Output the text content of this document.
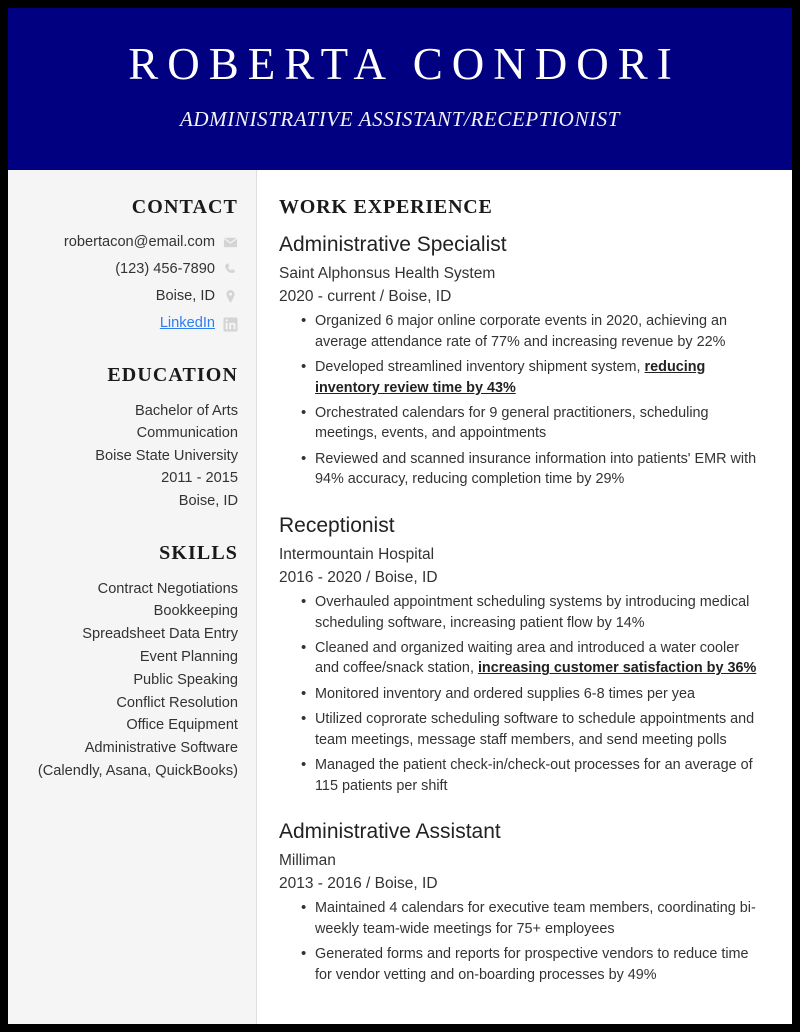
ROBERTA CONDORI
ADMINISTRATIVE ASSISTANT/RECEPTIONIST
CONTACT
robertacon@email.com
(123) 456-7890
Boise, ID
LinkedIn
EDUCATION
Bachelor of Arts
Communication
Boise State University
2011 - 2015
Boise, ID
SKILLS
Contract Negotiations
Bookkeeping
Spreadsheet Data Entry
Event Planning
Public Speaking
Conflict Resolution
Office Equipment
Administrative Software (Calendly, Asana, QuickBooks)
WORK EXPERIENCE
Administrative Specialist
Saint Alphonsus Health System
2020 - current / Boise, ID
• Organized 6 major online corporate events in 2020, achieving an average attendance rate of 77% and increasing revenue by 22%
• Developed streamlined inventory shipment system, reducing inventory review time by 43%
• Orchestrated calendars for 9 general practitioners, scheduling meetings, events, and appointments
• Reviewed and scanned insurance information into patients' EMR with 94% accuracy, reducing completion time by 29%
Receptionist
Intermountain Hospital
2016 - 2020 / Boise, ID
• Overhauled appointment scheduling systems by introducing medical scheduling software, increasing patient flow by 14%
• Cleaned and organized waiting area and introduced a water cooler and coffee/snack station, increasing customer satisfaction by 36%
• Monitored inventory and ordered supplies 6-8 times per yea
• Utilized coprorate scheduling software to schedule appointments and team meetings, message staff members, and send meeting polls
• Managed the patient check-in/check-out processes for an average of 115 patients per shift
Administrative Assistant
Milliman
2013 - 2016 / Boise, ID
• Maintained 4 calendars for executive team members, coordinating bi-weekly team-wide meetings for 75+ employees
• Generated forms and reports for prospective vendors to reduce time for vendor vetting and on-boarding processes by 49%
